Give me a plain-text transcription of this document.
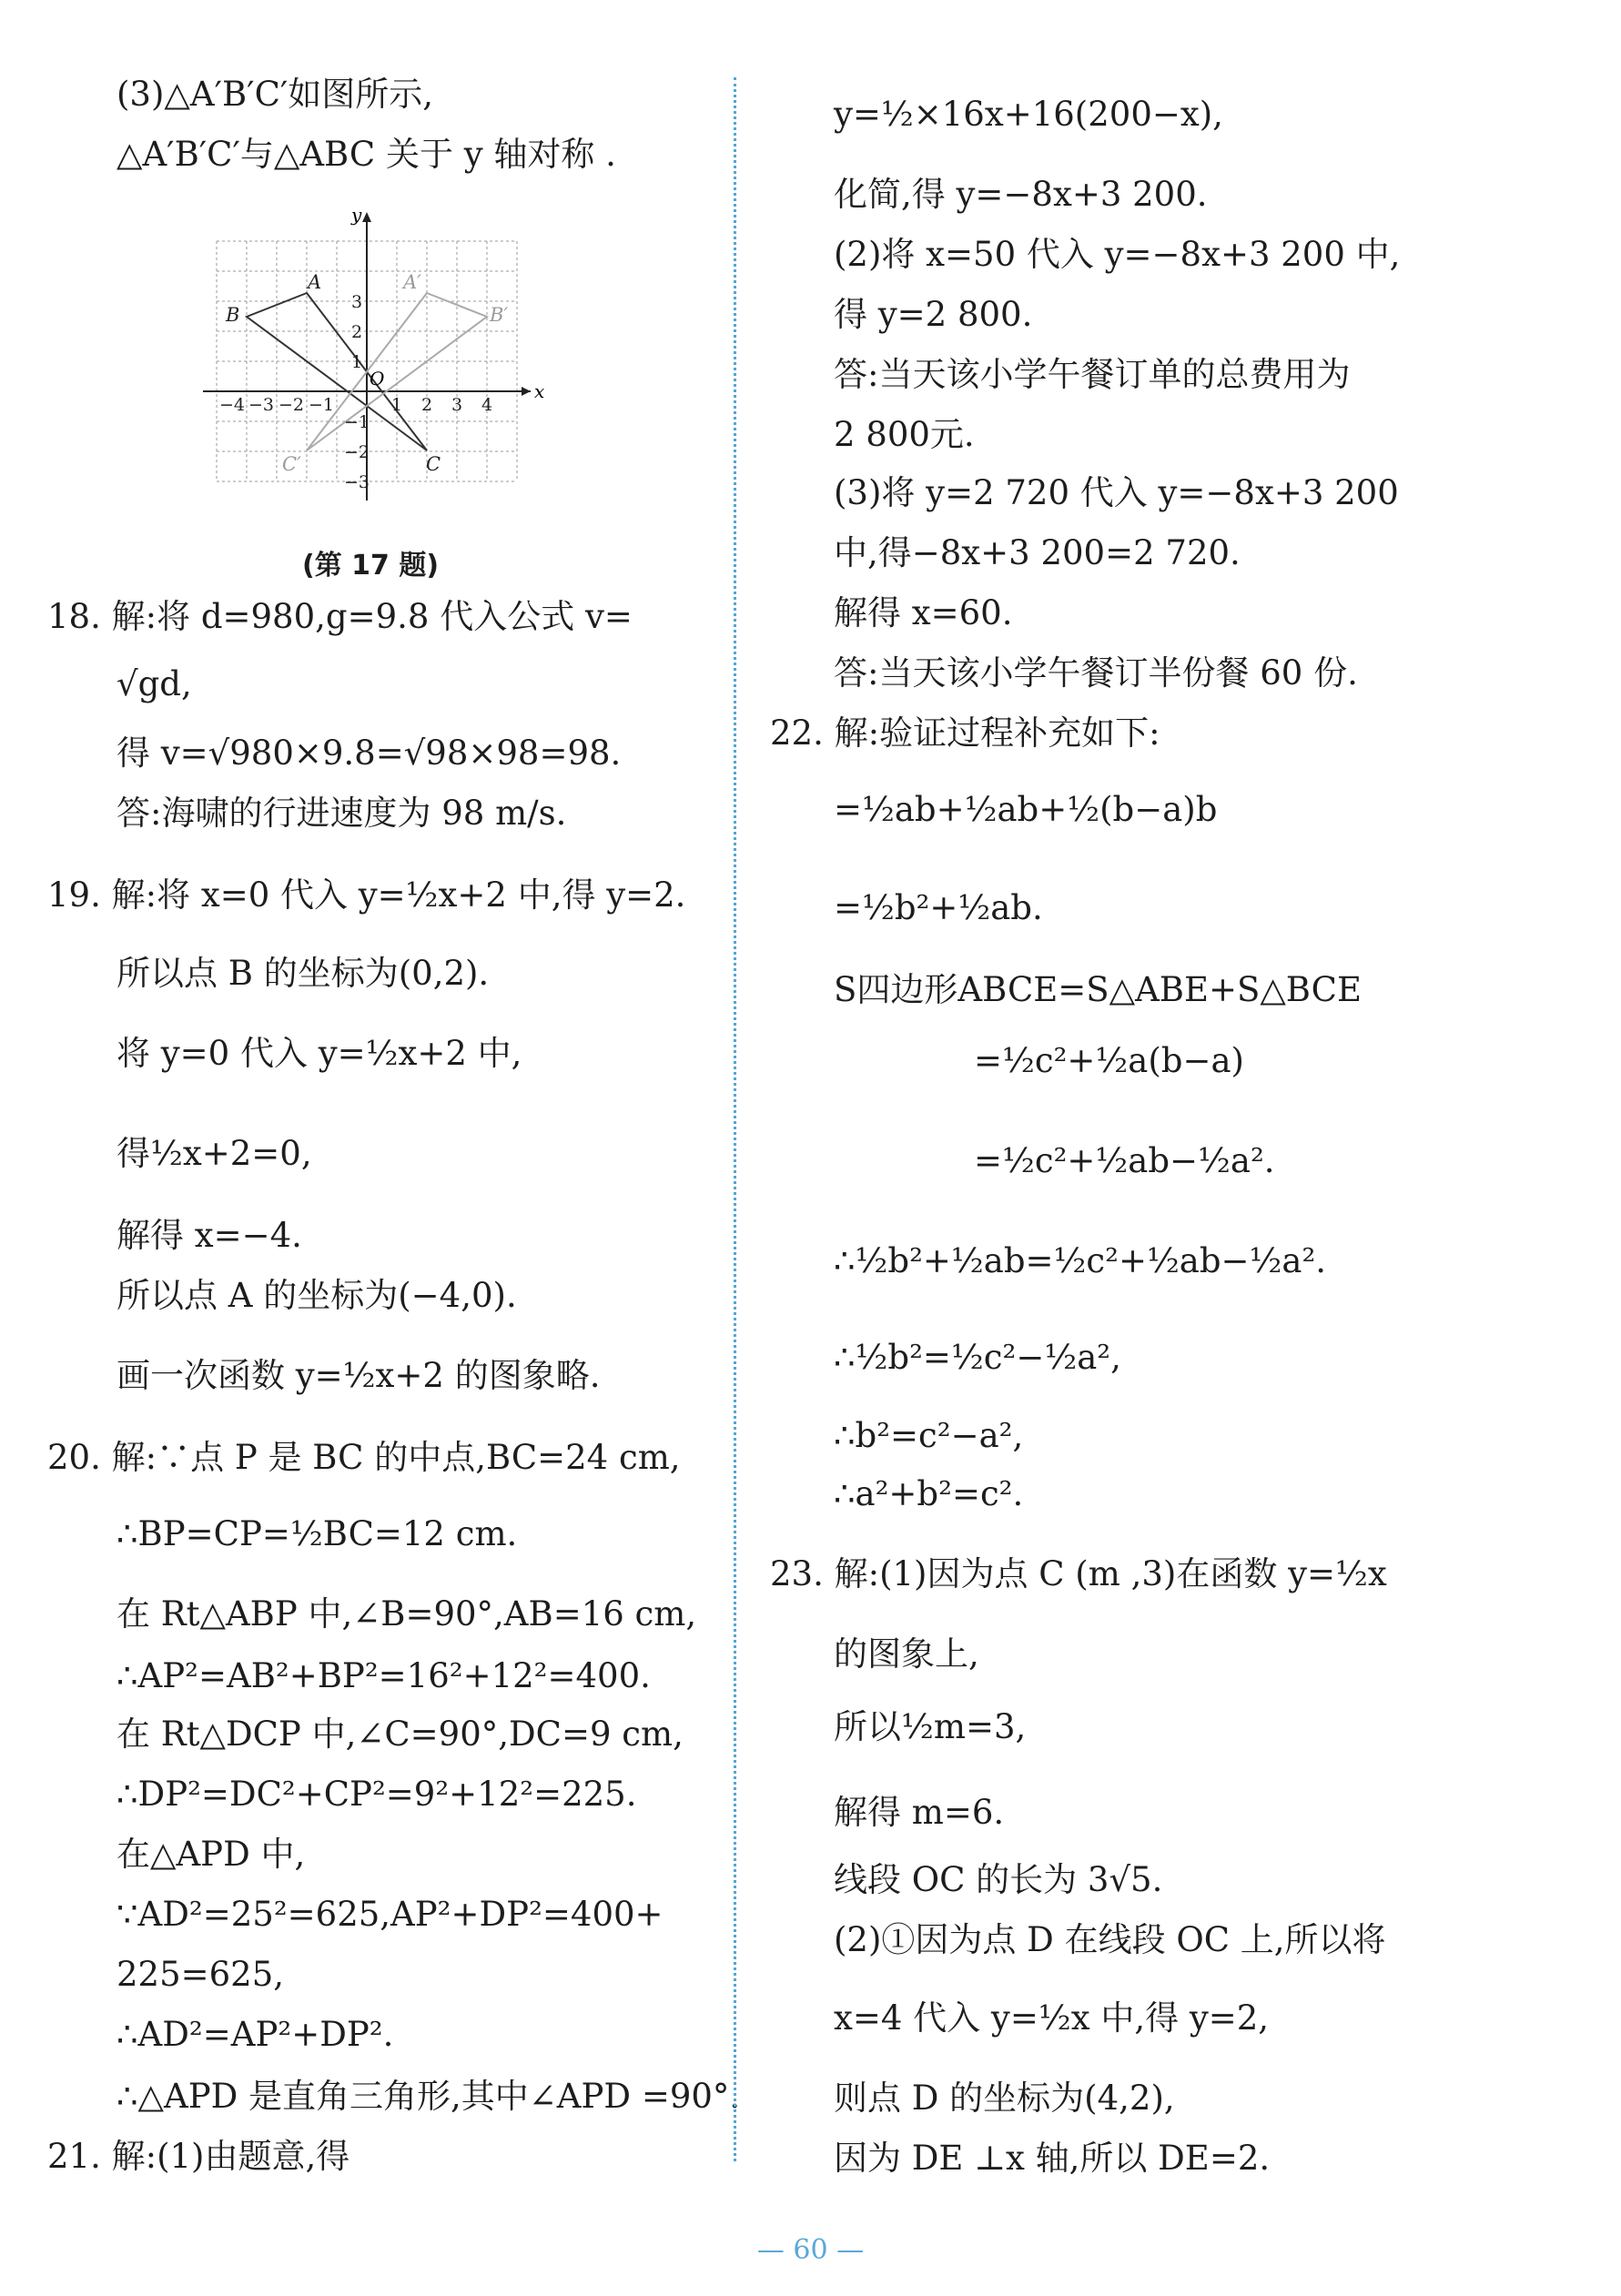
(3)△A′B′C′如图所示,
△A′B′C′与△ABC 关于 y 轴对称 .
x
y
O
−4 −3 −2 −1	1 2 3 4
3
2
1
−1
−2
−3
A
B
C
A′
B′
C′
(第 17 题)
18. 解:将 d=980,g=9.8 代入公式 v=
√gd,
得 v=√980×9.8=√98×98=98.
答:海啸的行进速度为 98 m/s.
19. 解:将 x=0 代入 y=½x+2 中,得 y=2.
所以点 B 的坐标为(0,2).
将 y=0 代入 y=½x+2 中,
得½x+2=0,
解得 x=−4.
所以点 A 的坐标为(−4,0).
画一次函数 y=½x+2 的图象略.
20. 解:∵点 P 是 BC 的中点,BC=24 cm,
∴BP=CP=½BC=12 cm.
在 Rt△ABP 中,∠B=90°,AB=16 cm,
∴AP²=AB²+BP²=16²+12²=400.
在 Rt△DCP 中,∠C=90°,DC=9 cm,
∴DP²=DC²+CP²=9²+12²=225.
在△APD 中,
∵AD²=25²=625,AP²+DP²=400+
225=625,
∴AD²=AP²+DP².
∴△APD 是直角三角形,其中∠APD =90°.
21. 解:(1)由题意,得
y=½×16x+16(200−x),
化简,得 y=−8x+3 200.
(2)将 x=50 代入 y=−8x+3 200 中,
得 y=2 800.
答:当天该小学午餐订单的总费用为
2 800元.
(3)将 y=2 720 代入 y=−8x+3 200
中,得−8x+3 200=2 720.
解得 x=60.
答:当天该小学午餐订半份餐 60 份.
22. 解:验证过程补充如下:
=½ab+½ab+½(b−a)b
=½b²+½ab.
S四边形ABCE=S△ABE+S△BCE
=½c²+½a(b−a)
=½c²+½ab−½a².
∴½b²+½ab=½c²+½ab−½a².
∴½b²=½c²−½a²,
∴b²=c²−a²,
∴a²+b²=c².
23. 解:(1)因为点 C (m ,3)在函数 y=½x
的图象上,
所以½m=3,
解得 m=6.
线段 OC 的长为 3√5.
(2)①因为点 D 在线段 OC 上,所以将
x=4 代入 y=½x 中,得 y=2,
则点 D 的坐标为(4,2),
因为 DE ⊥x 轴,所以 DE=2.
— 60 —
